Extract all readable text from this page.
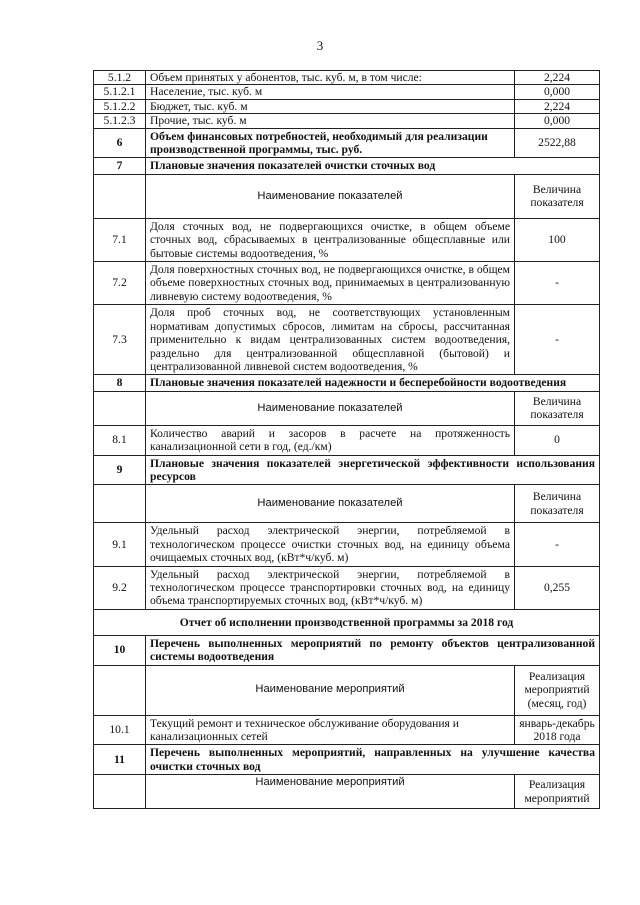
3
5.1.2	Объем принятых у абонентов, тыс. куб. м, в том числе:	2,224
5.1.2.1	Население, тыс. куб. м	0,000
5.1.2.2	Бюджет, тыс. куб. м	2,224
5.1.2.3	Прочие, тыс. куб. м	0,000
6	Объем финансовых потребностей, необходимый для реализации производственной программы, тыс. руб.	2522,88
7	Плановые значения показателей очистки сточных вод	
	Наименование показателей	Величина показателя
7.1	Доля сточных вод, не подвергающихся очистке, в общем объеме сточных вод, сбрасываемых в централизованные общесплавные или бытовые системы водоотведения, %	100
7.2	Доля поверхностных сточных вод, не подвергающихся очистке, в общем объеме поверхностных сточных вод, принимаемых в централизованную ливневую систему водоотведения, %	-
7.3	Доля проб сточных вод, не соответствующих установленным нормативам допустимых сбросов, лимитам на сбросы, рассчитанная применительно к видам централизованных систем водоотведения, раздельно для централизованной общесплавной (бытовой) и централизованной ливневой систем водоотведения, %	-
8	Плановые значения показателей надежности и бесперебойности водоотведения	
	Наименование показателей	Величина показателя
8.1	Количество аварий и засоров в расчете на протяженность канализационной сети в год, (ед./км)	0
9	Плановые значения показателей энергетической эффективности использования ресурсов	
	Наименование показателей	Величина показателя
9.1	Удельный расход электрической энергии, потребляемой в технологическом процессе очистки сточных вод, на единицу объема очищаемых сточных вод, (кВт*ч/куб. м)	-
9.2	Удельный расход электрической энергии, потребляемой в технологическом процессе транспортировки сточных вод, на единицу объема транспортируемых сточных вод, (кВт*ч/куб. м)	0,255
Отчет об исполнении производственной программы за 2018 год		
10	Перечень выполненных мероприятий по ремонту объектов централизованной системы водоотведения	
	Наименование мероприятий	Реализация мероприятий (месяц, год)
10.1	Текущий ремонт и техническое обслуживание оборудования и канализационных сетей	январь-декабрь 2018 года
11	Перечень выполненных мероприятий, направленных на улучшение качества очистки сточных вод	
	Наименование мероприятий	Реализация мероприятий
